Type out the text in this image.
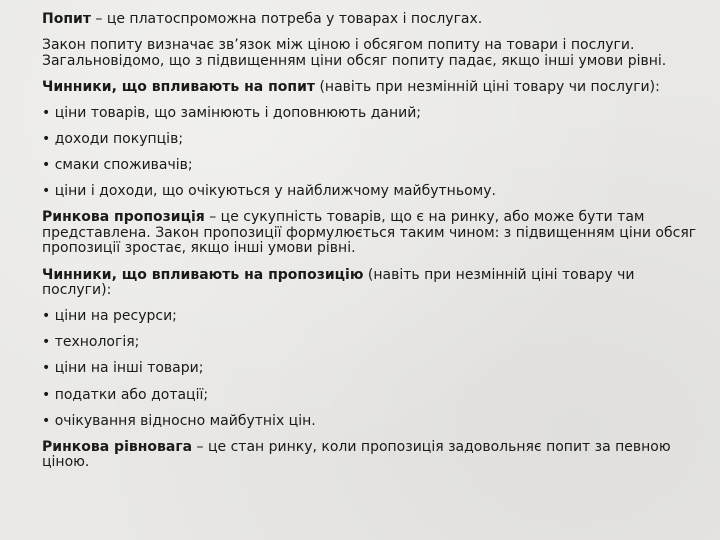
Попит – це платоспроможна потреба у товарах і послугах.

Закон попиту визначає зв’язок між ціною і обсягом попиту на товари і послуги. Загальновідомо, що з підвищенням ціни обсяг попиту падає, якщо інші умови рівні.

Чинники, що впливають на попит (навіть при незмінній ціні товару чи послуги):

• ціни товарів, що замінюють і доповнюють даний;

• доходи покупців;

• смаки споживачів;

• ціни і доходи, що очікуються у найближчому майбутньому.

Ринкова пропозиція – це сукупність товарів, що є на ринку, або може бути там представлена. Закон пропозиції формулюється таким чином: з підвищенням ціни обсяг пропозиції зростає, якщо інші умови рівні.

Чинники, що впливають на пропозицію (навіть при незмінній ціні товару чи послуги):

• ціни на ресурси;

• технологія;

• ціни на інші товари;

• податки або дотації;

• очікування відносно майбутніх цін.

Ринкова рівновага – це стан ринку, коли пропозиція задовольняє попит за певною ціною.
